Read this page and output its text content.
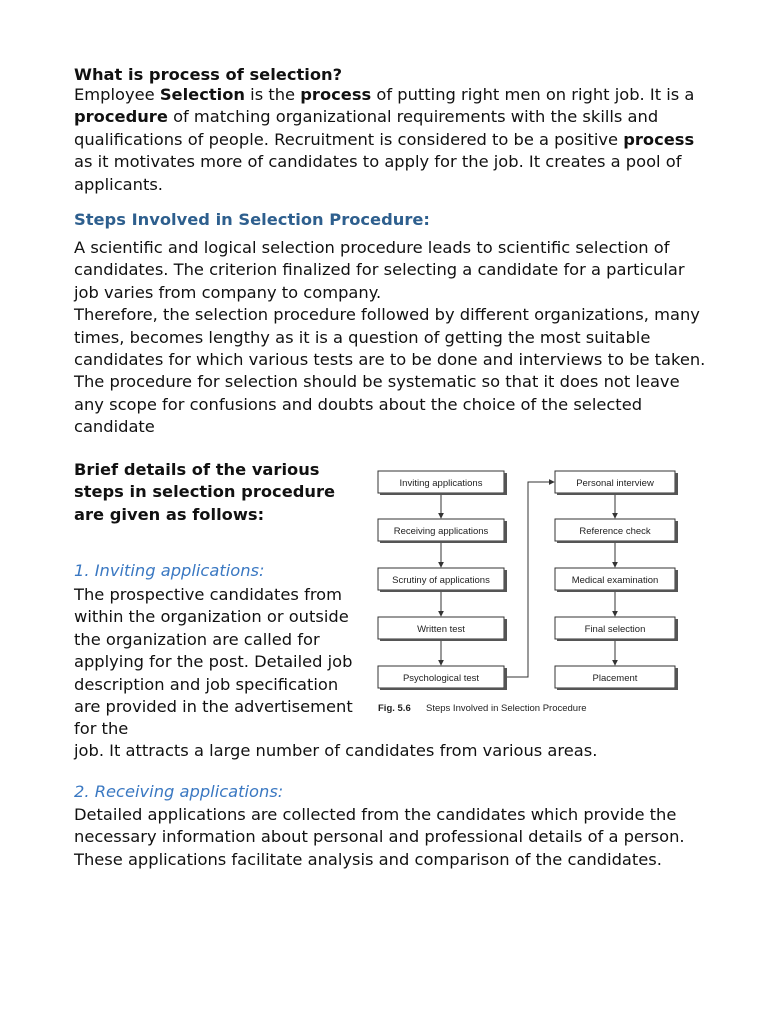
What is process of selection?
Employee Selection is the process of putting right men on right job. It is a procedure of matching organizational requirements with the skills and qualifications of people. Recruitment is considered to be a positive process as it motivates more of candidates to apply for the job. It creates a pool of applicants.
Steps Involved in Selection Procedure:
A scientific and logical selection procedure leads to scientific selection of candidates. The criterion finalized for selecting a candidate for a particular job varies from company to company.
Therefore, the selection procedure followed by different organizations, many times, becomes lengthy as it is a question of getting the most suitable candidates for which various tests are to be done and interviews to be taken. The procedure for selection should be systematic so that it does not leave any scope for confusions and doubts about the choice of the selected candidate
Brief details of the various steps in selection procedure are given as follows:
1. Inviting applications:
The prospective candidates from within the organization or outside the organization are called for applying for the post. Detailed job description and job specification are provided in the advertisement for the
job. It attracts a large number of candidates from various areas.
2. Receiving applications:
Detailed applications are collected from the candidates which provide the necessary information about personal and professional details of a person. These applications facilitate analysis and comparison of the candidates.
Inviting applications
Receiving applications
Scrutiny of applications
Written test
Psychological test
Personal interview
Reference check
Medical examination
Final selection
Placement
Fig. 5.6 Steps Involved in Selection Procedure
